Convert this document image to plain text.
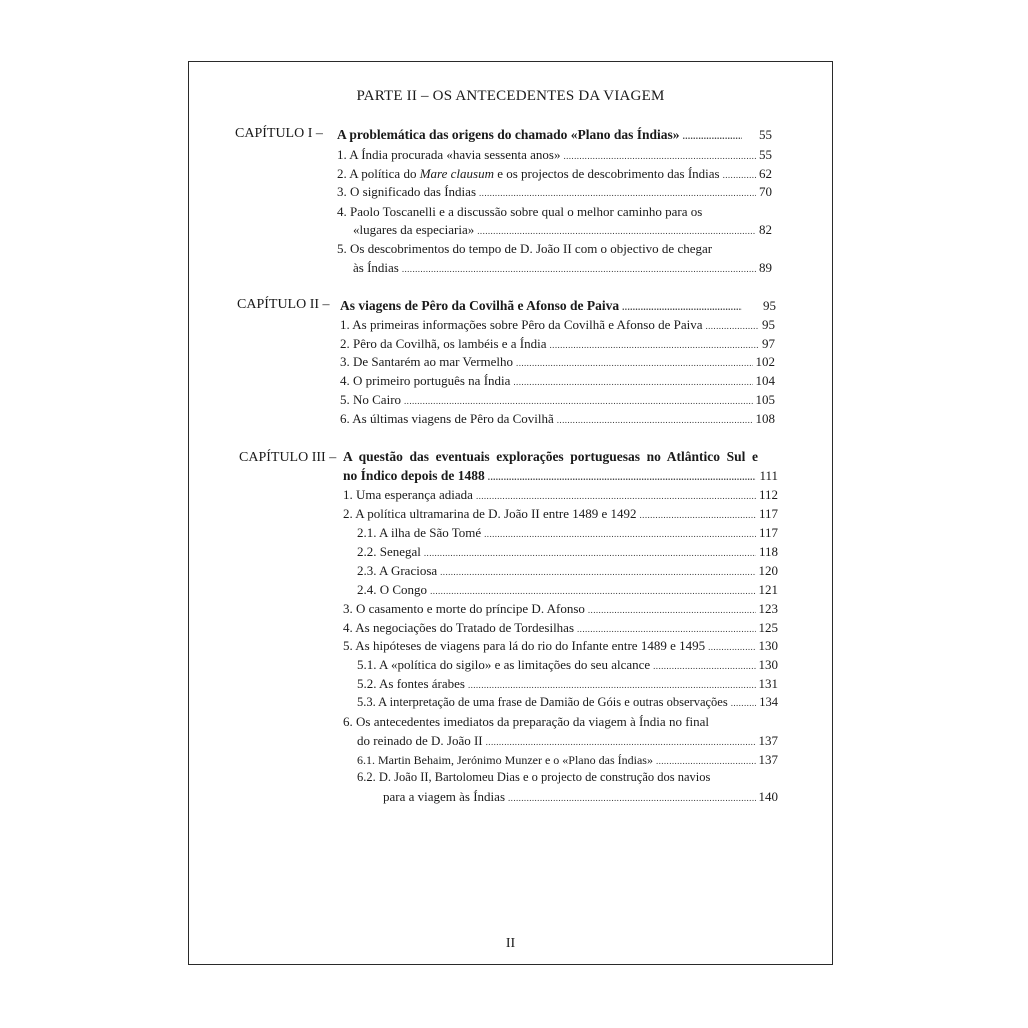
PARTE II – OS ANTECEDENTES DA VIAGEM
CAPÍTULO I – A problemática das origens do chamado «Plano das Índias» .....	55
1. A Índia procurada «havia sessenta anos» .....	55
2. A política do Mare clausum e os projectos de descobrimento das Índias .....	62
3. O significado das Índias .....	70
4. Paolo Toscanelli e a discussão sobre qual o melhor caminho para os
«lugares da especiaria» .....	82
5. Os descobrimentos do tempo de D. João II com o objectivo de chegar
às Índias .....	89
CAPÍTULO II – As viagens de Pêro da Covilhã e Afonso de Paiva .....	95
1. As primeiras informações sobre Pêro da Covilhã e Afonso de Paiva .....	95
2. Pêro da Covilhã, os lambéis e a Índia .....	97
3. De Santarém ao mar Vermelho .....	102
4. O primeiro português na Índia .....	104
5. No Cairo .....	105
6. As últimas viagens de Pêro da Covilhã .....	108
CAPÍTULO III – A questão das eventuais explorações portuguesas no Atlântico Sul e
no Índico depois de 1488 .....	111
1. Uma esperança adiada .....	112
2. A política ultramarina de D. João II entre 1489 e 1492 .....	117
2.1. A ilha de São Tomé .....	117
2.2. Senegal .....	118
2.3. A Graciosa .....	120
2.4. O Congo .....	121
3. O casamento e morte do príncipe D. Afonso .....	123
4. As negociações do Tratado de Tordesilhas .....	125
5. As hipóteses de viagens para lá do rio do Infante entre 1489 e 1495 .....	130
5.1. A «política do sigilo» e as limitações do seu alcance .....	130
5.2. As fontes árabes .....	131
5.3. A interpretação de uma frase de Damião de Góis e outras observações .....	134
6. Os antecedentes imediatos da preparação da viagem à Índia no final
do reinado de D. João II .....	137
6.1. Martin Behaim, Jerónimo Munzer e o «Plano das Índias» .....	137
6.2. D. João II, Bartolomeu Dias e o projecto de construção dos navios
para a viagem às Índias .....	140
II
